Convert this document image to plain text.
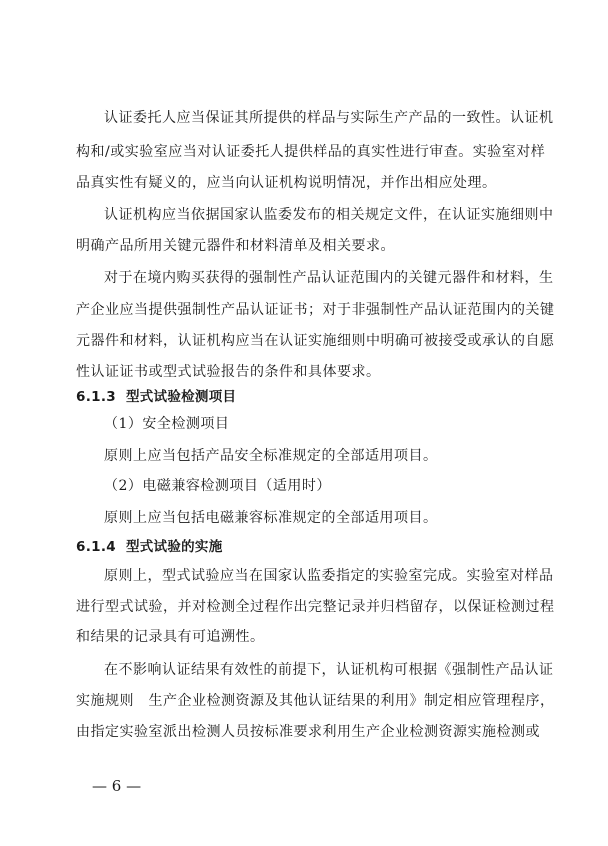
认证委托人应当保证其所提供的样品与实际生产产品的一致性。认证机
构和/或实验室应当对认证委托人提供样品的真实性进行审查。实验室对样
品真实性有疑义的，应当向认证机构说明情况，并作出相应处理。
认证机构应当依据国家认监委发布的相关规定文件，在认证实施细则中
明确产品所用关键元器件和材料清单及相关要求。
对于在境内购买获得的强制性产品认证范围内的关键元器件和材料，生
产企业应当提供强制性产品认证证书；对于非强制性产品认证范围内的关键
元器件和材料，认证机构应当在认证实施细则中明确可被接受或承认的自愿
性认证证书或型式试验报告的条件和具体要求。
6.1.3 型式试验检测项目
（1）安全检测项目
原则上应当包括产品安全标准规定的全部适用项目。
（2）电磁兼容检测项目（适用时）
原则上应当包括电磁兼容标准规定的全部适用项目。
6.1.4 型式试验的实施
原则上，型式试验应当在国家认监委指定的实验室完成。实验室对样品
进行型式试验，并对检测全过程作出完整记录并归档留存，以保证检测过程
和结果的记录具有可追溯性。
在不影响认证结果有效性的前提下，认证机构可根据《强制性产品认证
实施规则　生产企业检测资源及其他认证结果的利用》制定相应管理程序，
由指定实验室派出检测人员按标准要求利用生产企业检测资源实施检测或
— 6 —
